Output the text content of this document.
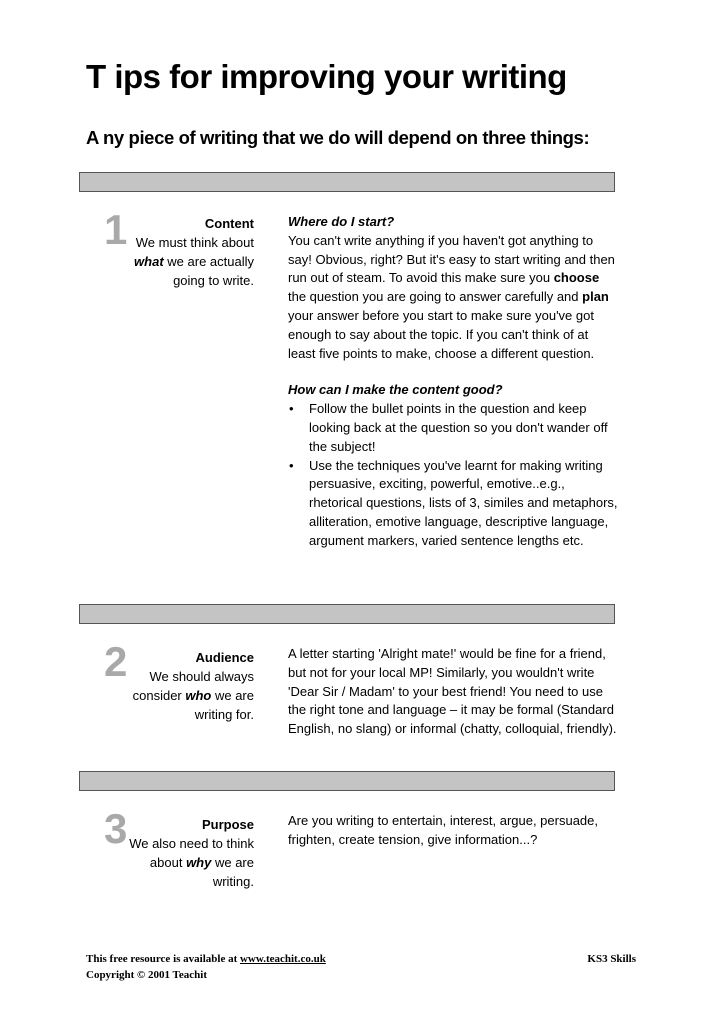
T ips for improving your writing
A ny piece of writing that we do will depend on three things:
1	Content
We must think about what we are actually going to write.

Where do I start?

You can't write anything if you haven't got anything to say! Obvious, right? But it's easy to start writing and then run out of steam. To avoid this make sure you choose the question you are going to answer carefully and plan your answer before you start to make sure you've got enough to say about the topic. If you can't think of at least five points to make, choose a different question.

How can I make the content good?

• Follow the bullet points in the question and keep looking back at the question so you don't wander off the subject!
• Use the techniques you've learnt for making writing persuasive, exciting, powerful, emotive..e.g., rhetorical questions, lists of 3, similes and metaphors, alliteration, emotive language, descriptive language, argument markers, varied sentence lengths etc.
2	Audience
We should always consider who we are writing for.

A letter starting 'Alright mate!' would be fine for a friend, but not for your local MP! Similarly, you wouldn't write 'Dear Sir / Madam' to your best friend! You need to use the right tone and language – it may be formal (Standard English, no slang) or informal (chatty, colloquial, friendly).

3	Purpose
We also need to think about why we are writing.

Are you writing to entertain, interest, argue, persuade, frighten, create tension, give information...?

This free resource is available at www.teachit.co.uk
Copyright © 2001 Teachit
KS3 Skills
